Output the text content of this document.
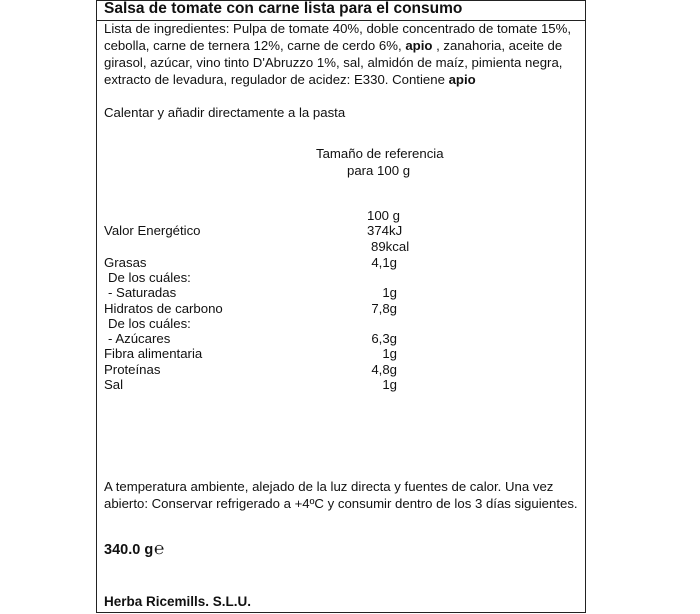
Salsa de tomate con carne lista para el consumo
Lista de ingredientes: Pulpa de tomate 40%, doble concentrado de tomate 15%,
cebolla, carne de ternera 12%, carne de cerdo 6%, apio , zanahoria, aceite de
girasol, azúcar, vino tinto D'Abruzzo 1%, sal, almidón de maíz, pimienta negra,
extracto de levadura, regulador de acidez: E330. Contiene apio
Calentar y añadir directamente a la pasta
Tamaño de referencia
para 100 g
100 g
Valor Energético	374kJ
89kcal
Grasas	4,1g
De los cuáles:
- Saturadas	1g
Hidratos de carbono	7,8g
De los cuáles:
- Azúcares	6,3g
Fibra alimentaria	1g
Proteínas	4,8g
Sal	1g
A temperatura ambiente, alejado de la luz directa y fuentes de calor. Una vez
abierto: Conservar refrigerado a +4ºC y consumir dentro de los 3 días siguientes.
340.0 g℮
Herba Ricemills. S.L.U.
